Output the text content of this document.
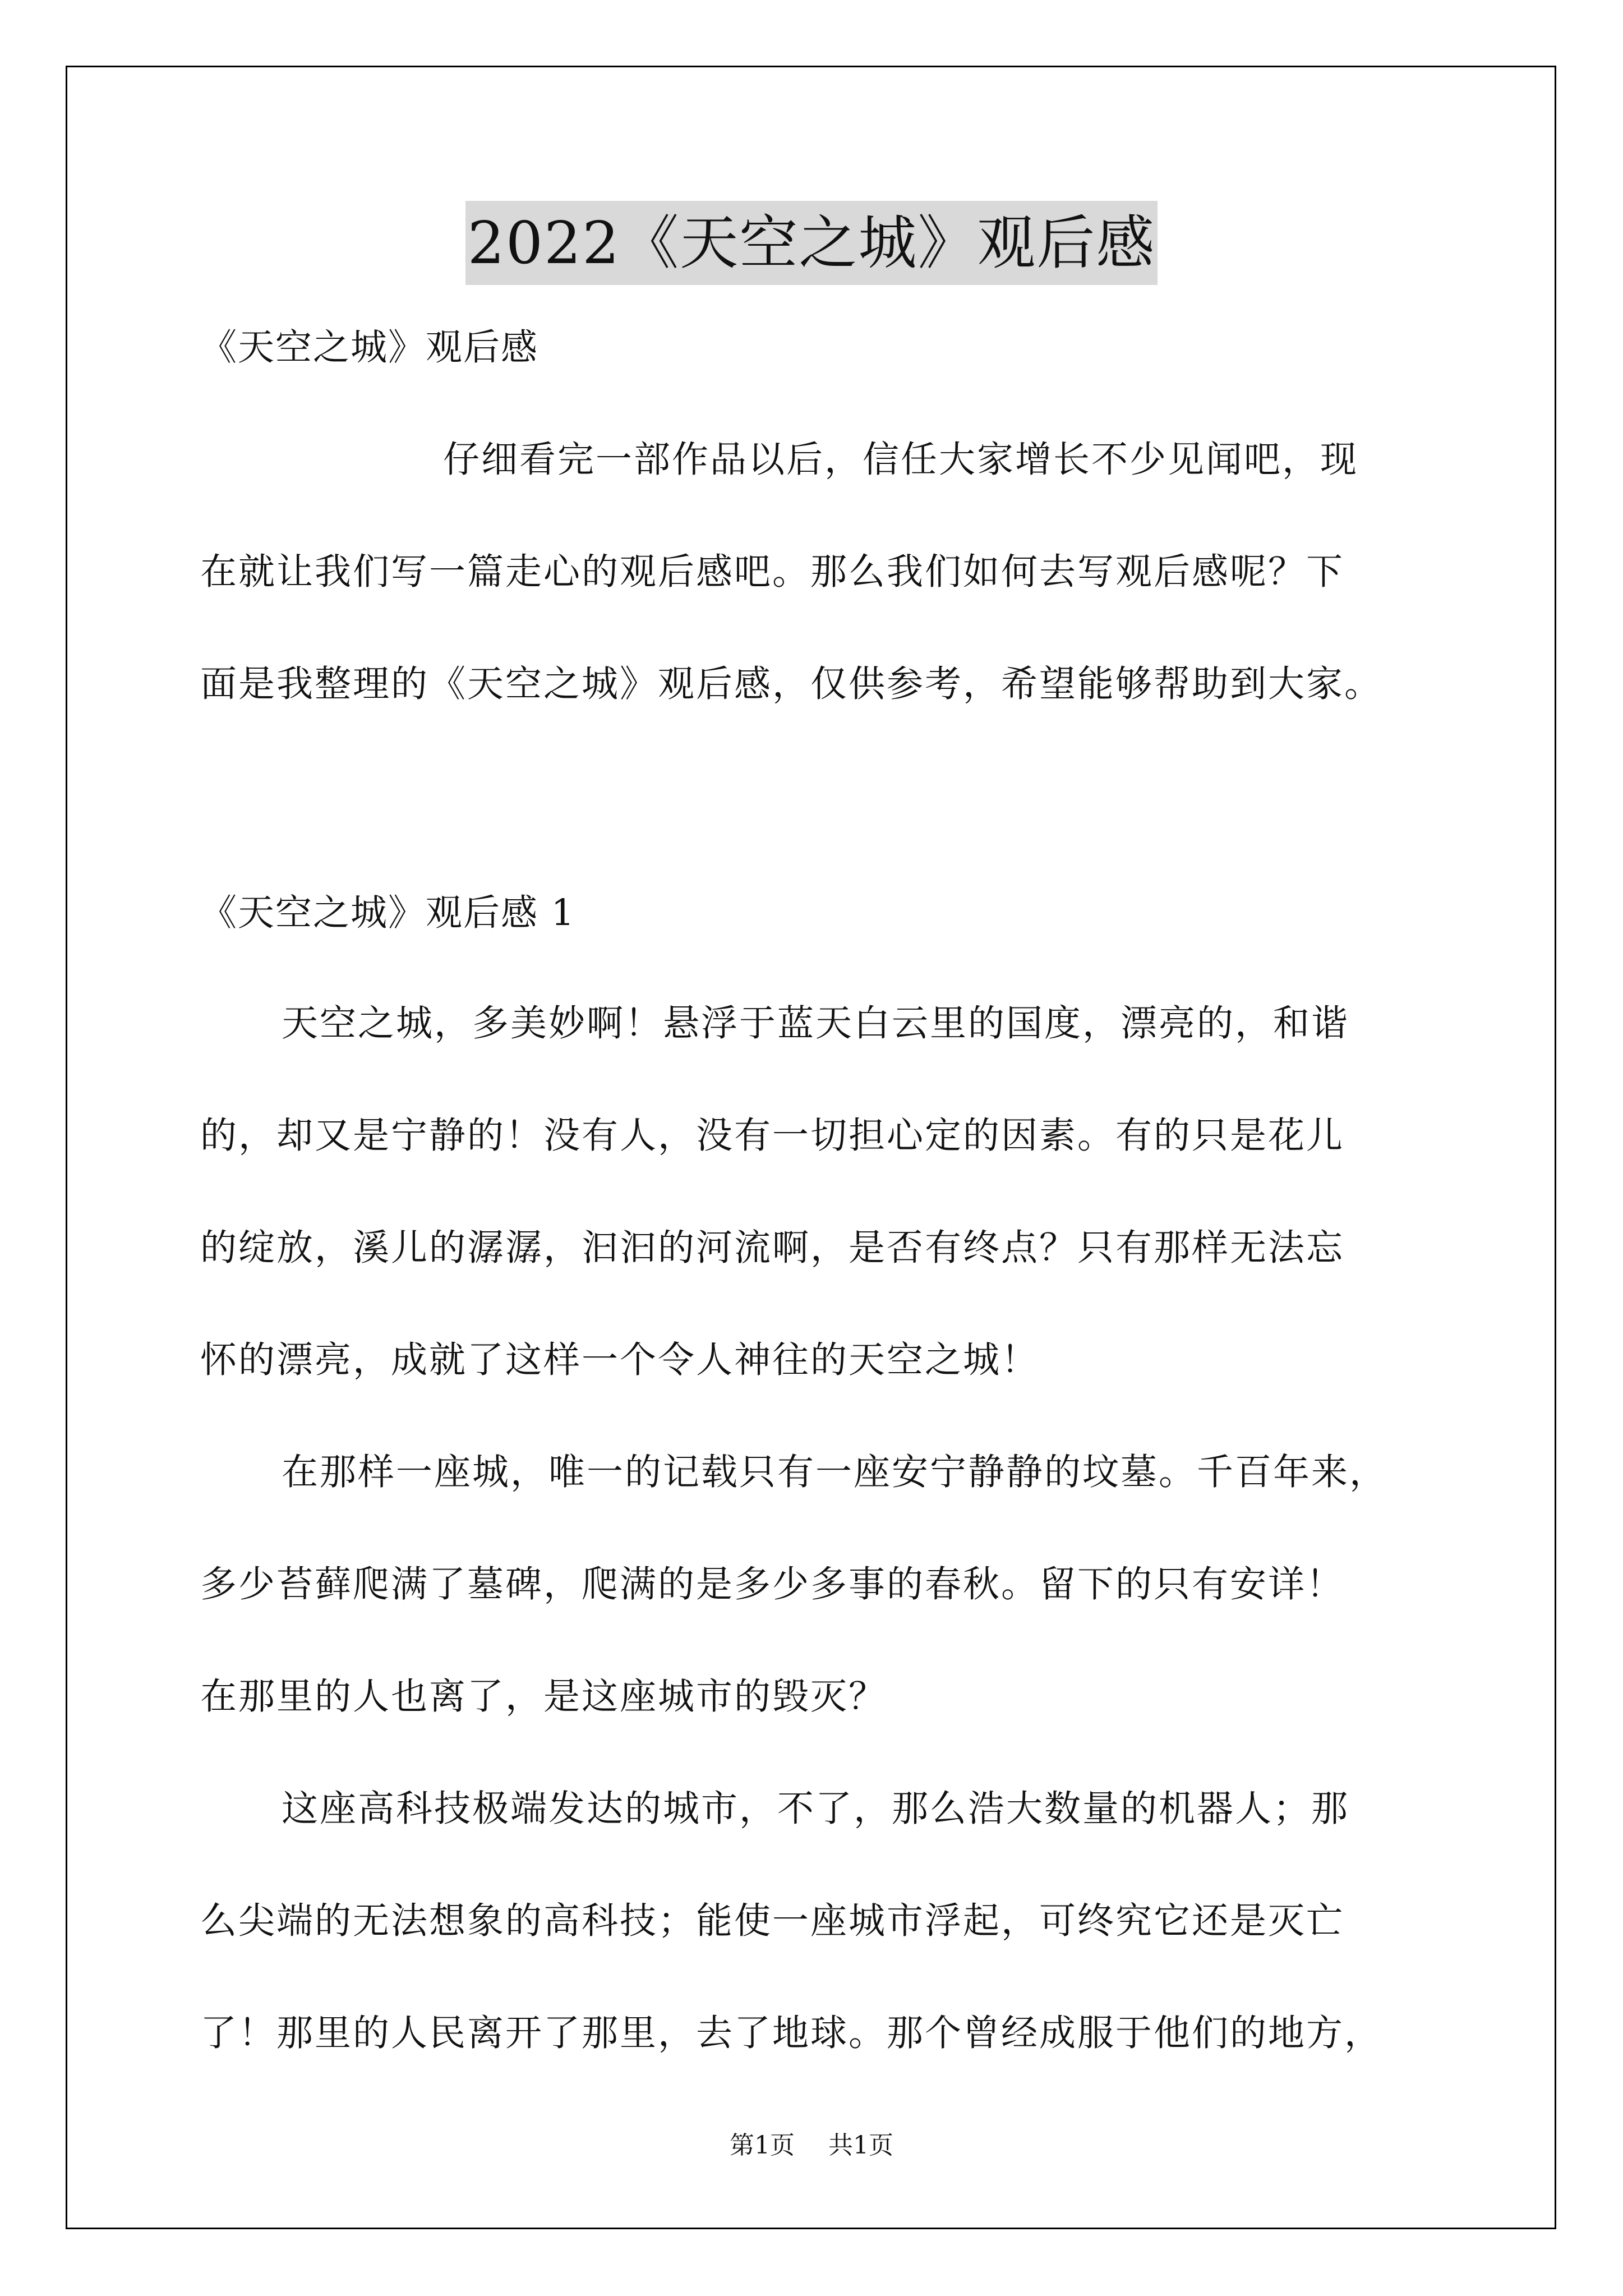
2022《天空之城》观后感
《天空之城》观后感
仔细看完一部作品以后，信任大家增长不少见闻吧，现
在就让我们写一篇走心的观后感吧。那么我们如何去写观后感呢？下
面是我整理的《天空之城》观后感，仅供参考，希望能够帮助到大家。
《天空之城》观后感 1
天空之城，多美妙啊！悬浮于蓝天白云里的国度，漂亮的，和谐
的，却又是宁静的！没有人，没有一切担心定的因素。有的只是花儿
的绽放，溪儿的潺潺，汩汩的河流啊，是否有终点？只有那样无法忘
怀的漂亮，成就了这样一个令人神往的天空之城！
在那样一座城，唯一的记载只有一座安宁静静的坟墓。千百年来，
多少苔藓爬满了墓碑，爬满的是多少多事的春秋。留下的只有安详！
在那里的人也离了，是这座城市的毁灭？
这座高科技极端发达的城市，不了，那么浩大数量的机器人；那
么尖端的无法想象的高科技；能使一座城市浮起，可终究它还是灭亡
了！那里的人民离开了那里，去了地球。那个曾经成服于他们的地方，
第1页 共1页
